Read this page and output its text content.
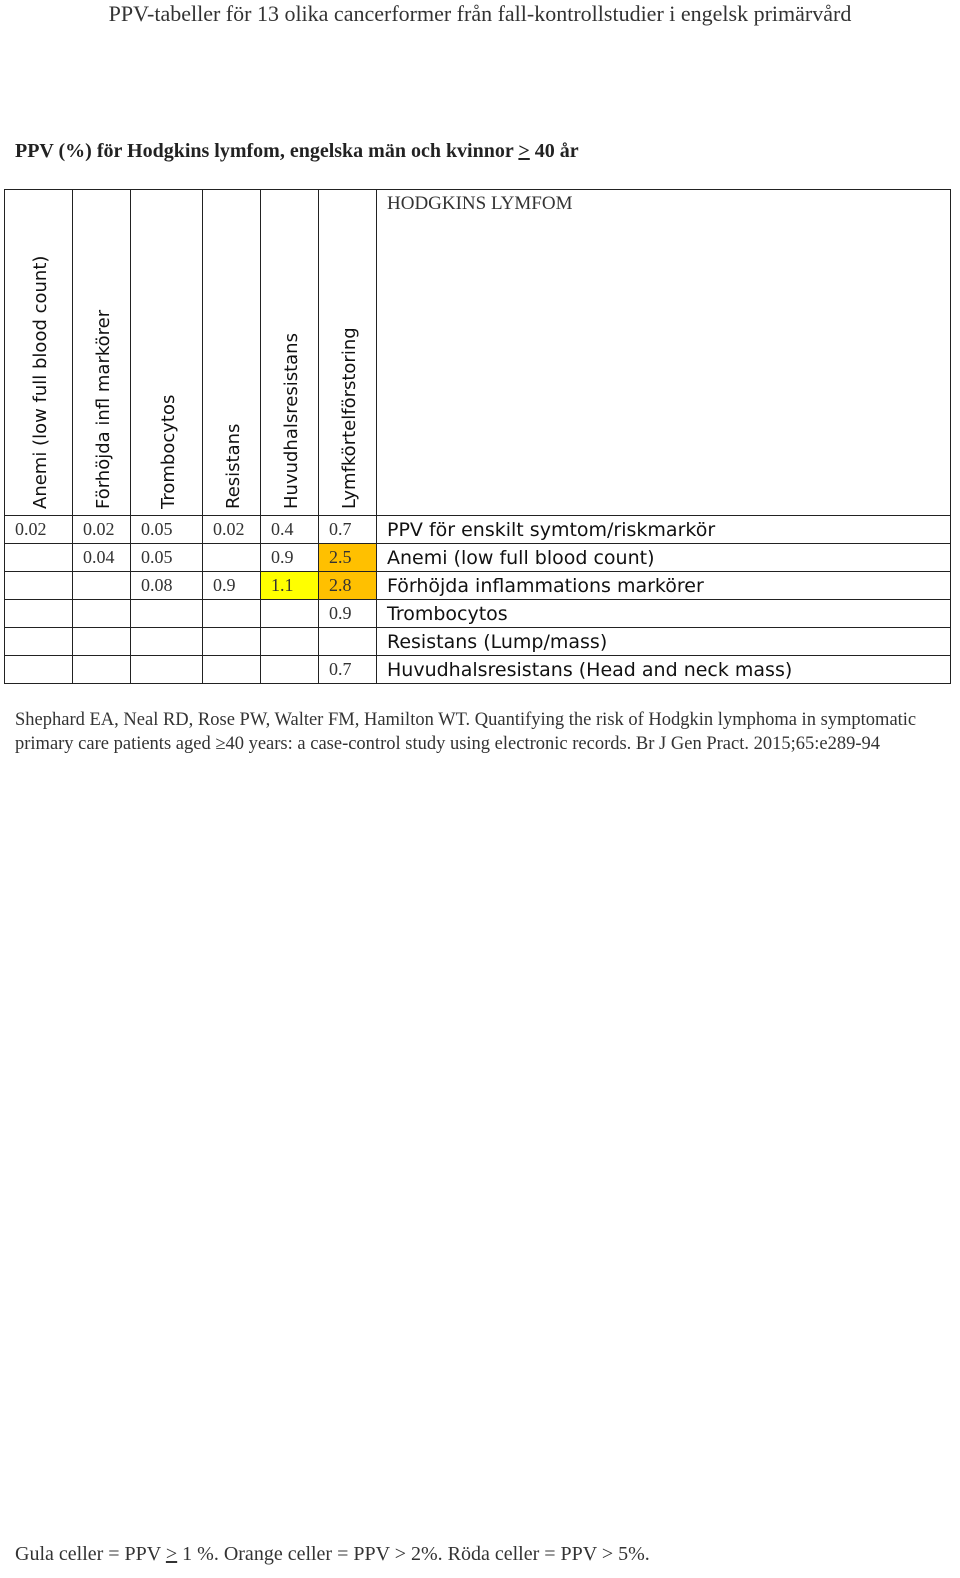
PPV-tabeller för 13 olika cancerformer från fall-kontrollstudier i engelsk primärvård
PPV (%) för Hodgkins lymfom, engelska män och kvinnor > 40 år
Anemi (low full blood count)	Förhöjda infl markörer	Trombocytos	Resistans	Huvudhalsresistans	Lymfkörtelförstoring	HODGKINS LYMFOM

0.02	0.02	0.05	0.02	0.4	0.7	PPV för enskilt symtom/riskmarkör
	0.04	0.05		0.9	2.5	Anemi (low full blood count)
		0.08	0.9	1.1	2.8	Förhöjda inflammations markörer
					0.9	Trombocytos
						Resistans (Lump/mass)
					0.7	Huvudhalsresistans (Head and neck mass)
Shephard EA, Neal RD, Rose PW, Walter FM, Hamilton WT. Quantifying the risk of Hodgkin lymphoma in symptomatic primary care patients aged ≥40 years: a case-control study using electronic records. Br J Gen Pract. 2015;65:e289-94
Gula celler = PPV > 1 %. Orange celler = PPV > 2%. Röda celler = PPV > 5%.
